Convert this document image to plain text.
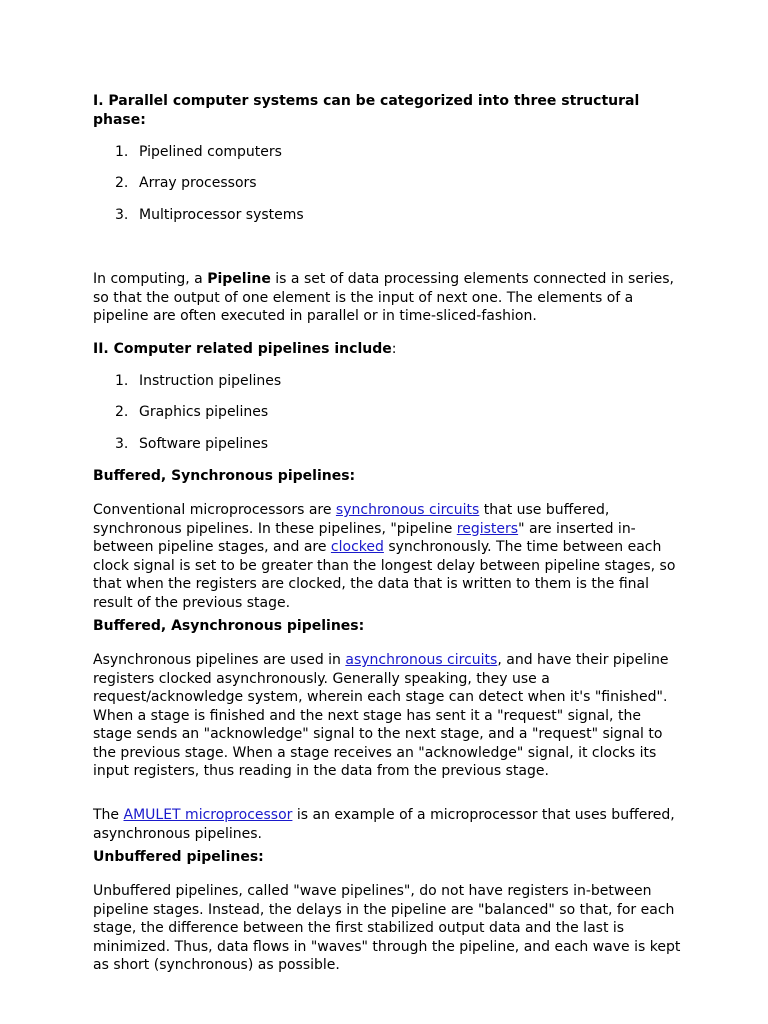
I. Parallel computer systems can be categorized into three structural phase:

1. Pipelined computers

2. Array processors

3. Multiprocessor systems

In computing, a Pipeline is a set of data processing elements connected in series, so that the output of one element is the input of next one. The elements of a pipeline are often executed in parallel or in time-sliced-fashion.

II. Computer related pipelines include:

1. Instruction pipelines

2. Graphics pipelines

3. Software pipelines

Buffered, Synchronous pipelines:

Conventional microprocessors are synchronous circuits that use buffered, synchronous pipelines. In these pipelines, "pipeline registers" are inserted in-between pipeline stages, and are clocked synchronously. The time between each clock signal is set to be greater than the longest delay between pipeline stages, so that when the registers are clocked, the data that is written to them is the final result of the previous stage.

Buffered, Asynchronous pipelines:

Asynchronous pipelines are used in asynchronous circuits, and have their pipeline registers clocked asynchronously. Generally speaking, they use a request/acknowledge system, wherein each stage can detect when it's "finished". When a stage is finished and the next stage has sent it a "request" signal, the stage sends an "acknowledge" signal to the next stage, and a "request" signal to the previous stage. When a stage receives an "acknowledge" signal, it clocks its input registers, thus reading in the data from the previous stage.

The AMULET microprocessor is an example of a microprocessor that uses buffered, asynchronous pipelines.

Unbuffered pipelines:

Unbuffered pipelines, called "wave pipelines", do not have registers in-between pipeline stages. Instead, the delays in the pipeline are "balanced" so that, for each stage, the difference between the first stabilized output data and the last is minimized. Thus, data flows in "waves" through the pipeline, and each wave is kept as short (synchronous) as possible.
